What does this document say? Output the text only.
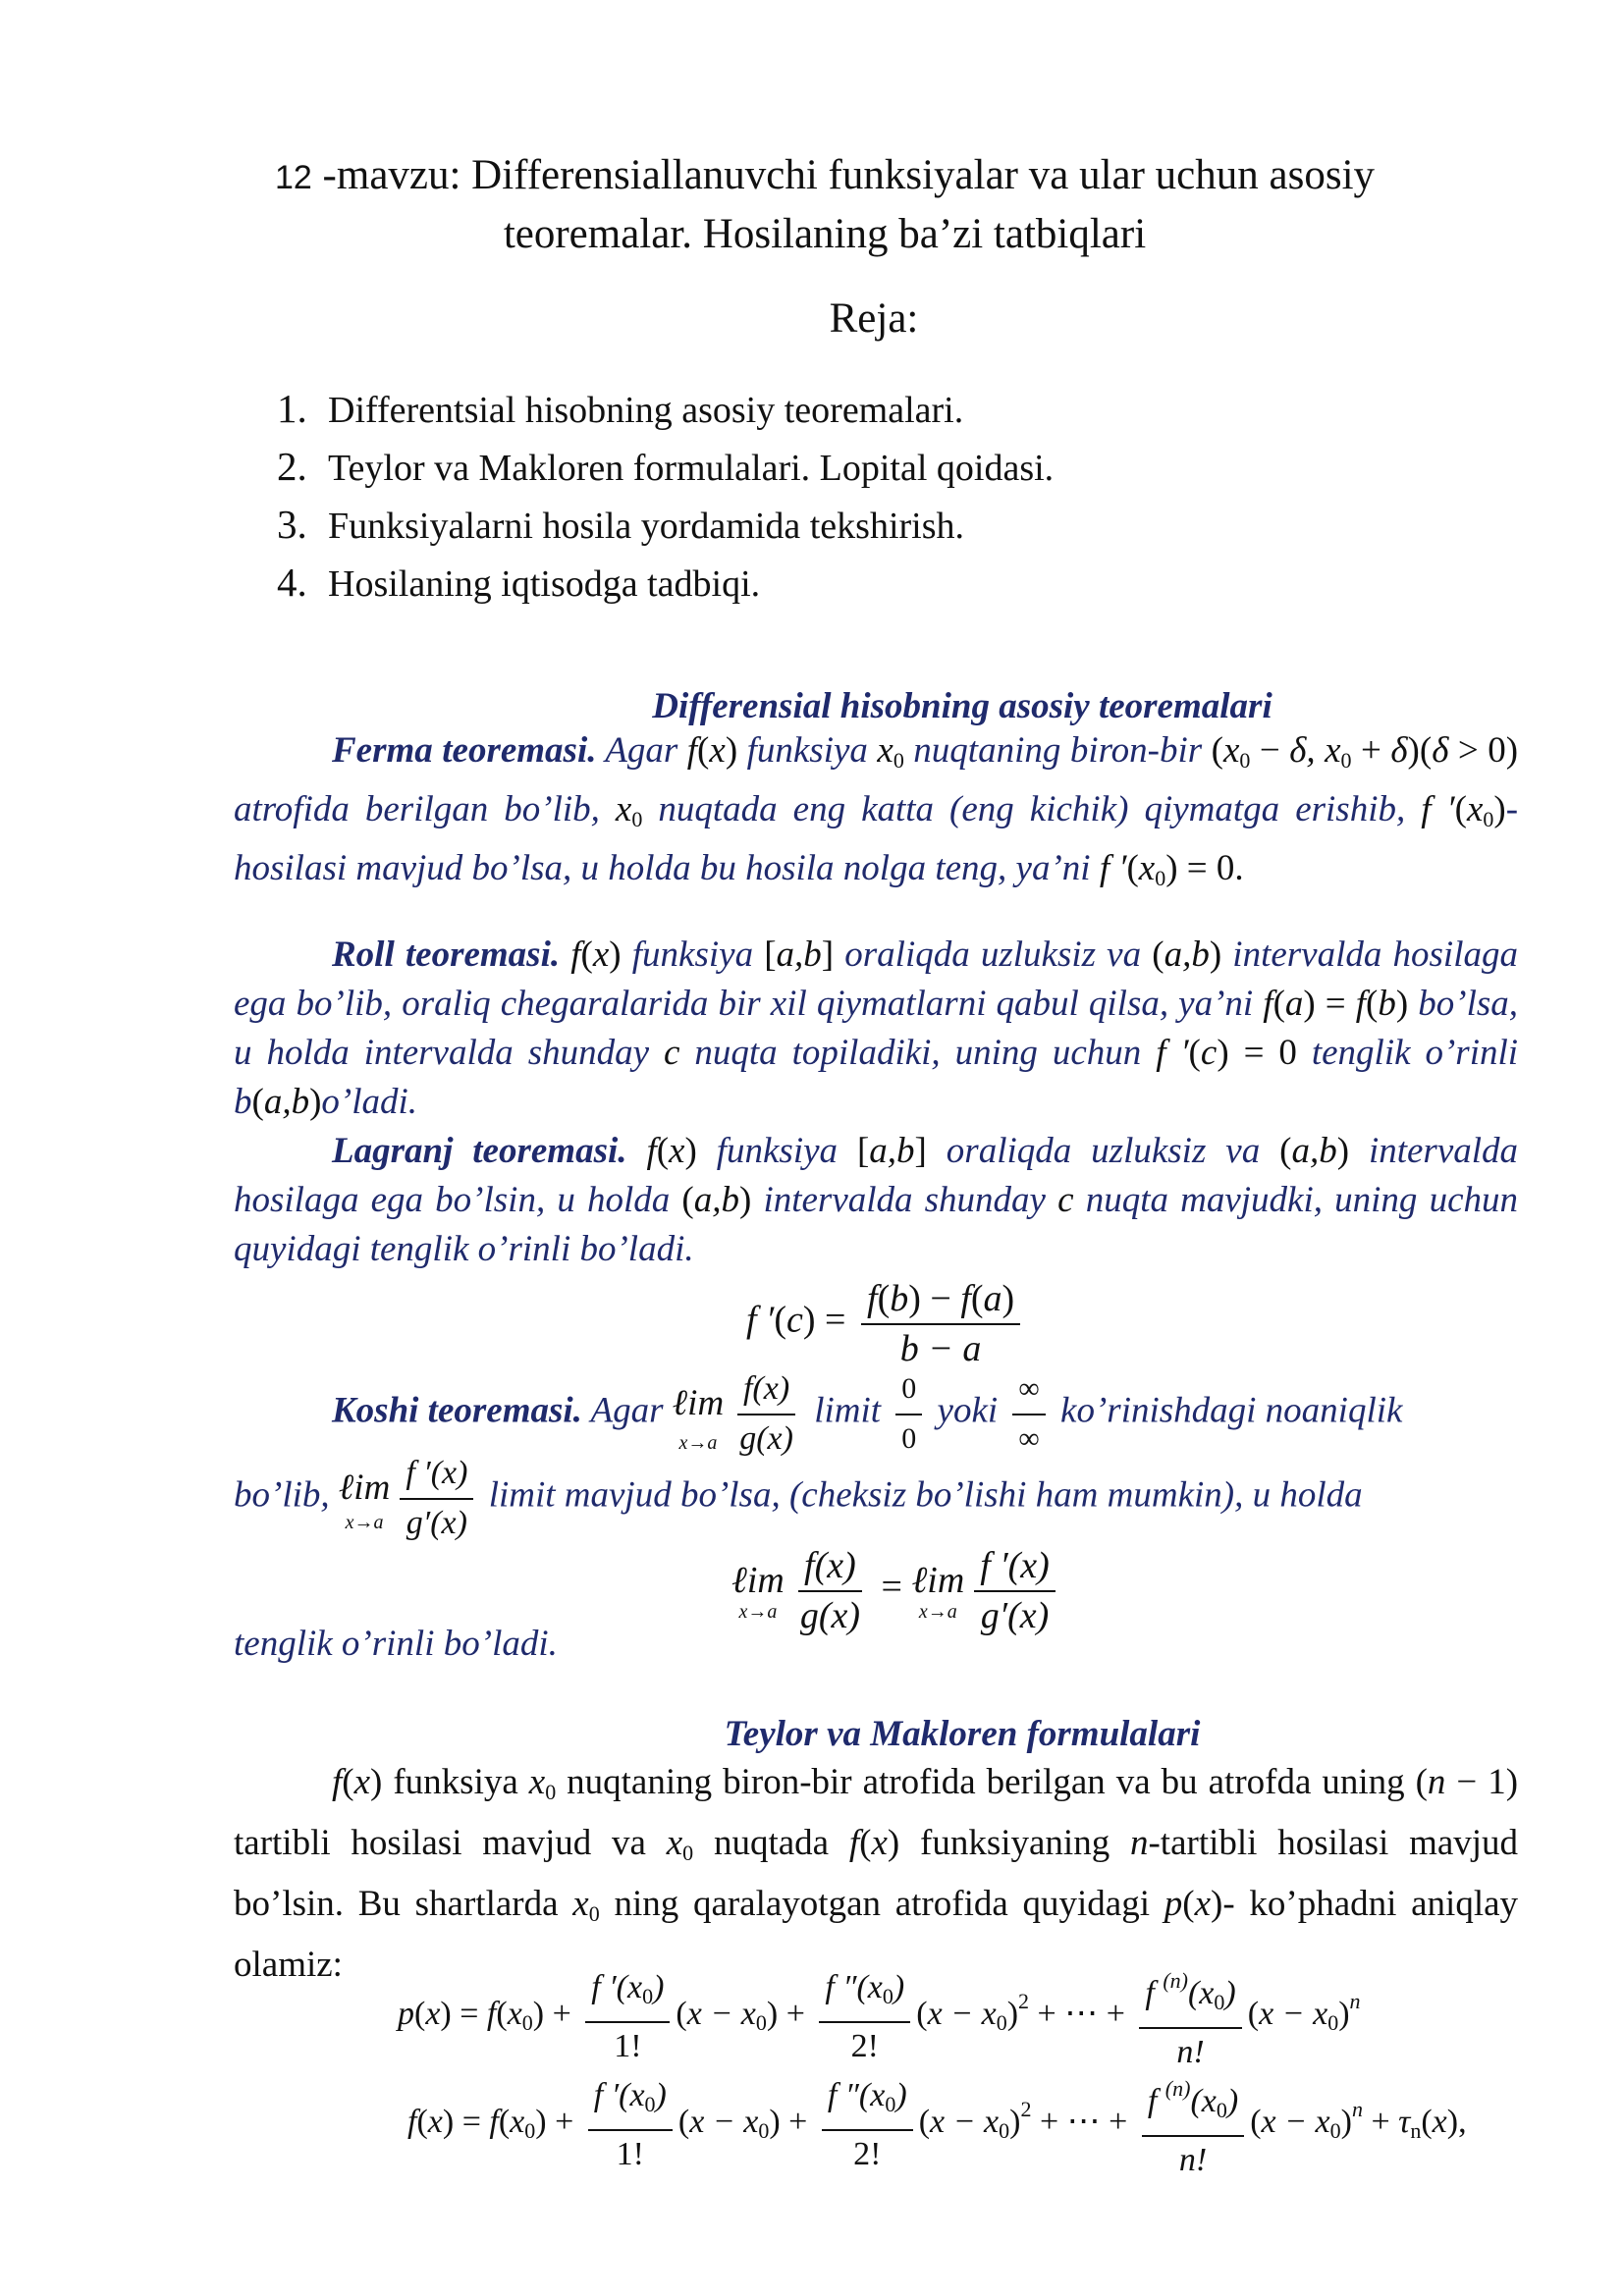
12 -mavzu: Differensiallanuvchi funksiyalar va ular uchun asosiy
teoremalar. Hosilaning ba’zi tatbiqlari
Reja:
1. Differentsial hisobning asosiy teoremalari.
2. Teylor va Makloren formulalari. Lopital qoidasi.
3. Funksiyalarni hosila yordamida tekshirish.
4. Hosilaning iqtisodga tadbiqi.
Differensial hisobning asosiy teoremalari
Ferma teoremasi. Agar f(x) funksiya x0 nuqtaning biron-bir (x0 − δ, x0 + δ)(δ > 0) atrofida berilgan bo’lib, x0 nuqtada eng katta (eng kichik) qiymatga erishib, f ′(x0)- hosilasi mavjud bo’lsa, u holda bu hosila nolga teng, ya’ni f ′(x0) = 0.
Roll teoremasi. f(x) funksiya [a,b] oraliqda uzluksiz va (a,b) intervalda hosilaga ega bo’lib, oraliq chegaralarida bir xil qiymatlarni qabul qilsa, ya’ni f(a) = f(b) bo’lsa, u holda intervalda shunday c nuqta topiladiki, uning uchun f ′(c) = 0 tenglik o’rinli b(a,b)o’ladi.
Lagranj teoremasi. f(x) funksiya [a,b] oraliqda uzluksiz va (a,b) intervalda hosilaga ega bo’lsin, u holda (a,b) intervalda shunday c nuqta mavjudki, uning uchun quyidagi tenglik o’rinli bo’ladi.
f $'(c) = \frac{f(b) - f(a)}{b - a}$
Koshi teoremasi. Agar ℓim
$x\to a \frac{f(x)}{g(x)}$ limit $\frac{0}{0}$ yoki $\frac{\infty}{\infty}$ ko’rinishdagi noaniqlik
bo’lib, ℓim
$x\to a \frac{f '(x)}{g'(x)}$ limit mavjud bo’lsa, (cheksiz bo’lishi ham mumkin), u holda
ℓim
$x\to a \frac{f(x)}{g(x)}$ = ℓim
$x\to a \frac{f '(x)}{g'(x)}$
tenglik o’rinli bo’ladi.
Teylor va Makloren formulalari
f(x) funksiya x0 nuqtaning biron-bir atrofida berilgan va bu atrofda uning (n − 1) tartibli hosilasi mavjud va x0 nuqtada f(x) funksiyaning n-tartibli hosilasi mavjud bo’lsin. Bu shartlarda x0 ning qaralayotgan atrofida quyidagi p(x)- ko’phadni aniqlay olamiz:
$p(x) = f(x0) + \frac{f '(x0)}{1!} (x - x0) + \frac{f ''(x0)}{2!} (x - x0)^2$ + ⋯ + $\frac{f ^{(n)}(x0)}{n!} (x - x0)^n$
$f(x) = f(x0) + \frac{f '(x0)}{1!} (x - x0) + \frac{f ''(x0)}{2!} (x - x0)^2$ + ⋯ + $\frac{f ^{(n)}(x0)}{n!} (x - x0)^n + \tau n(x)$,
